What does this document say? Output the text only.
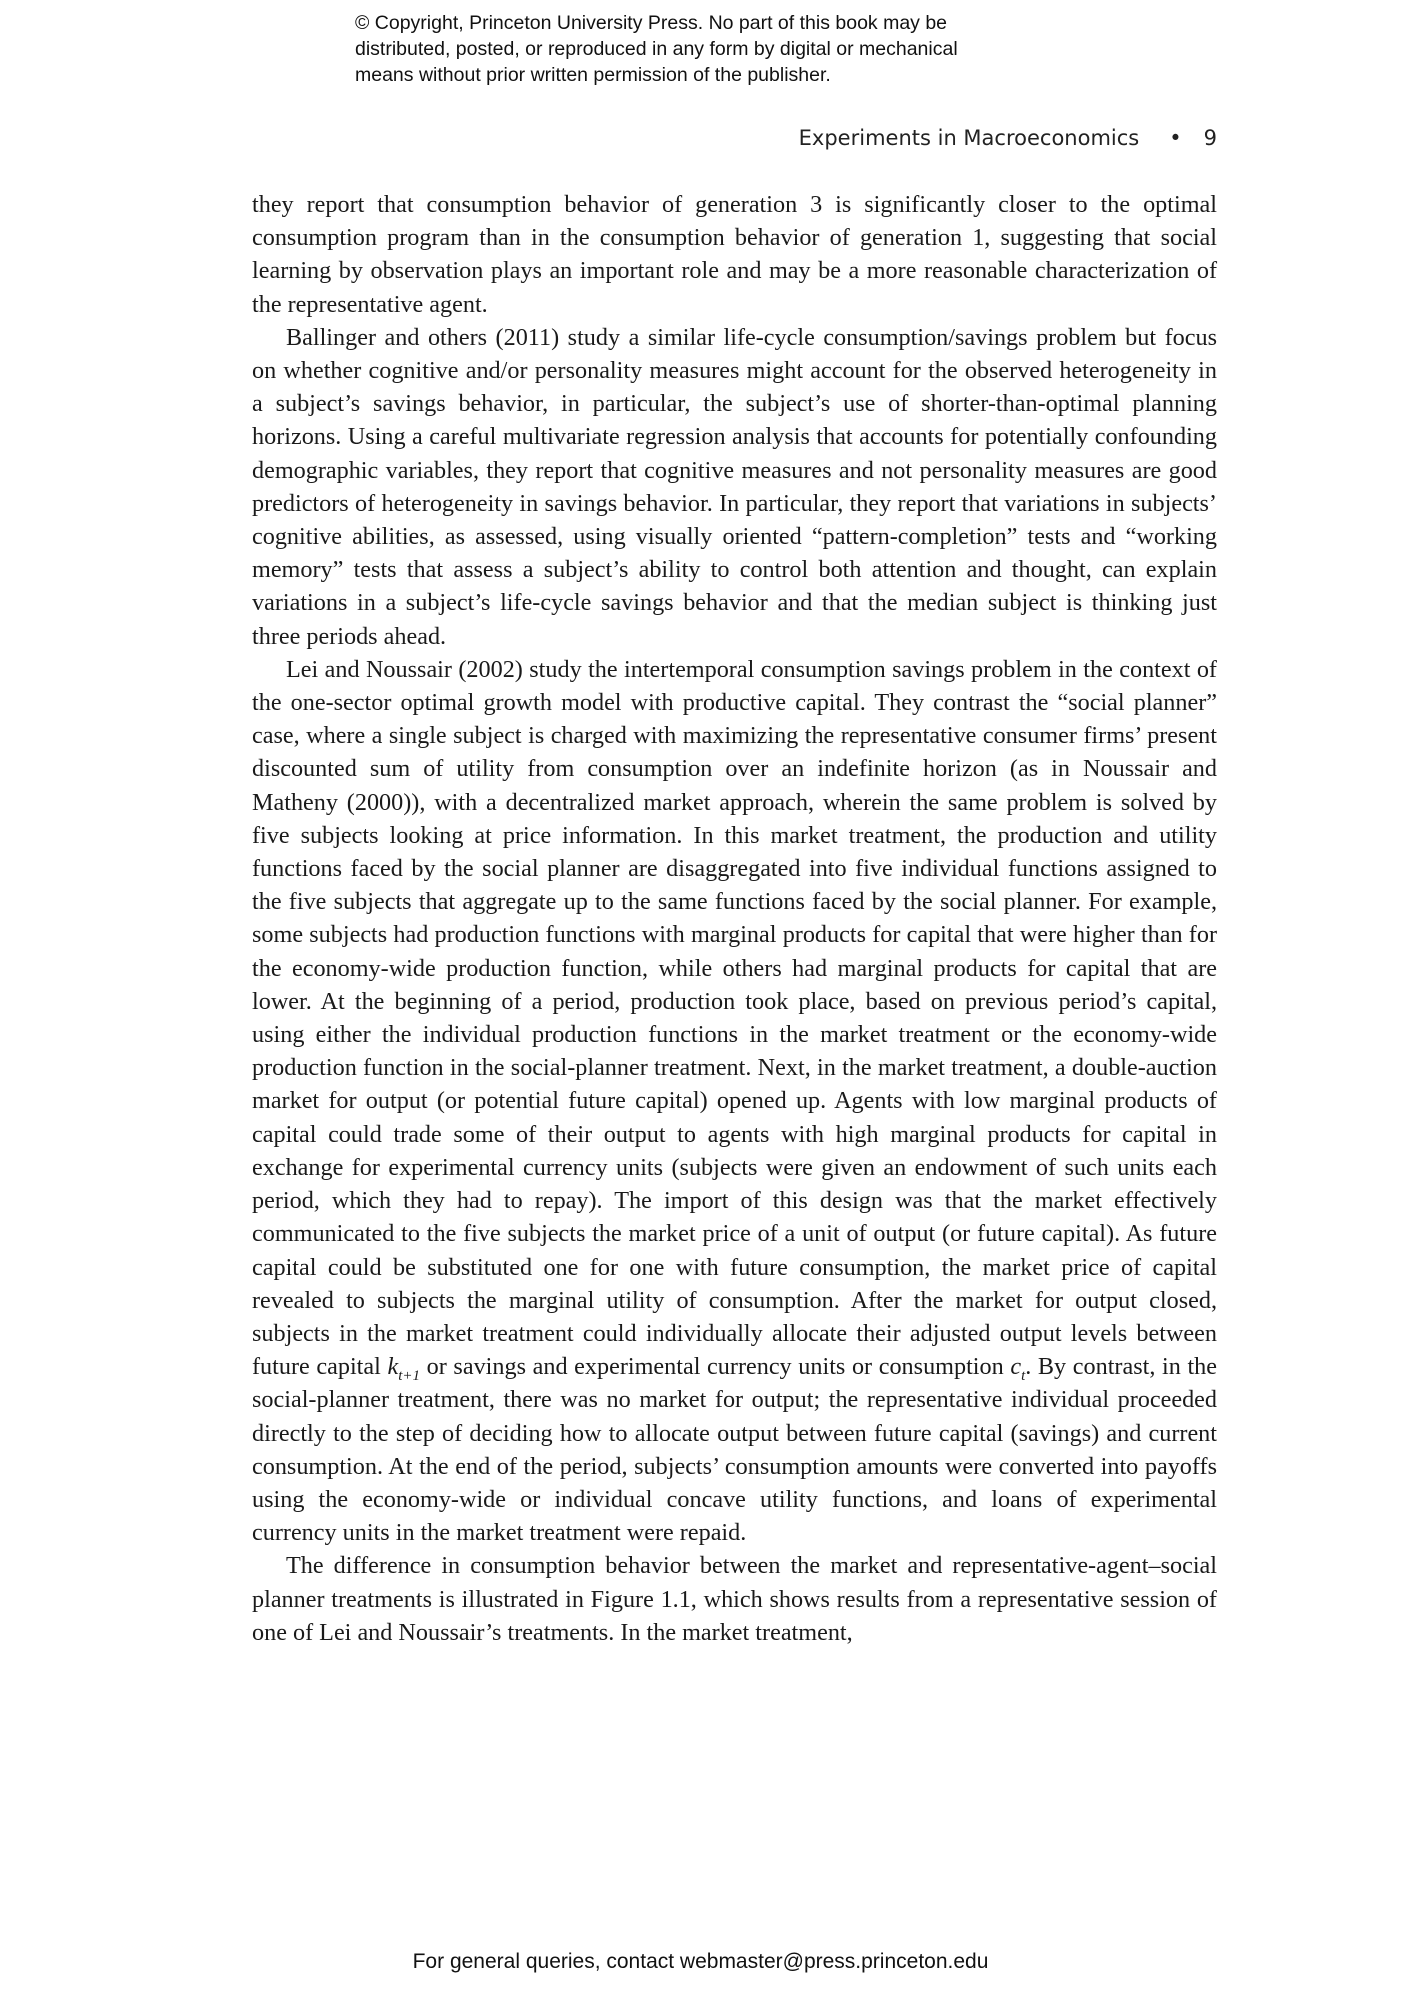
© Copyright, Princeton University Press. No part of this book may be
distributed, posted, or reproduced in any form by digital or mechanical
means without prior written permission of the publisher.
Experiments in Macroeconomics • 9

they report that consumption behavior of generation 3 is significantly closer to the optimal consumption program than in the consumption behavior of generation 1, suggesting that social learning by observation plays an important role and may be a more reasonable characterization of the representative agent.

Ballinger and others (2011) study a similar life-cycle consumption/savings problem but focus on whether cognitive and/or personality measures might account for the observed heterogeneity in a subject’s savings behavior, in particular, the subject’s use of shorter-than-optimal planning horizons. Using a careful multivariate regression analysis that accounts for potentially confounding demographic variables, they report that cognitive measures and not personality measures are good predictors of heterogeneity in savings behavior. In particular, they report that variations in subjects’ cognitive abilities, as assessed, using visually oriented “pattern-completion” tests and “working memory” tests that assess a subject’s ability to control both attention and thought, can explain variations in a subject’s life-cycle savings behavior and that the median subject is thinking just three periods ahead.

Lei and Noussair (2002) study the intertemporal consumption savings problem in the context of the one-sector optimal growth model with productive capital. They contrast the “social planner” case, where a single subject is charged with maximizing the representative consumer firms’ present discounted sum of utility from consumption over an indefinite horizon (as in Noussair and Matheny (2000)), with a decentralized market approach, wherein the same problem is solved by five subjects looking at price information. In this market treatment, the production and utility functions faced by the social planner are disaggregated into five individual functions assigned to the five subjects that aggregate up to the same functions faced by the social planner. For example, some subjects had production functions with marginal products for capital that were higher than for the economy-wide production function, while others had marginal products for capital that are lower. At the beginning of a period, production took place, based on previous period’s capital, using either the individual production functions in the market treatment or the economy-wide production function in the social-planner treatment. Next, in the market treatment, a double-auction market for output (or potential future capital) opened up. Agents with low marginal products of capital could trade some of their output to agents with high marginal products for capital in exchange for experimental currency units (subjects were given an endowment of such units each period, which they had to repay). The import of this design was that the market effectively communicated to the five subjects the market price of a unit of output (or future capital). As future capital could be substituted one for one with future consumption, the market price of capital revealed to subjects the marginal utility of consumption. After the market for output closed, subjects in the market treatment could individually allocate their adjusted output levels between future capital $k_{t+1}$ or savings and experimental currency units or consumption $c_t$. By contrast, in the social-planner treatment, there was no market for output; the representative individual proceeded directly to the step of deciding how to allocate output between future capital (savings) and current consumption. At the end of the period, subjects’ consumption amounts were converted into payoffs using the economy-wide or individual concave utility functions, and loans of experimental currency units in the market treatment were repaid.

The difference in consumption behavior between the market and representative-agent–social planner treatments is illustrated in Figure 1.1, which shows results from a representative session of one of Lei and Noussair’s treatments. In the market treatment,

For general queries, contact webmaster@press.princeton.edu
